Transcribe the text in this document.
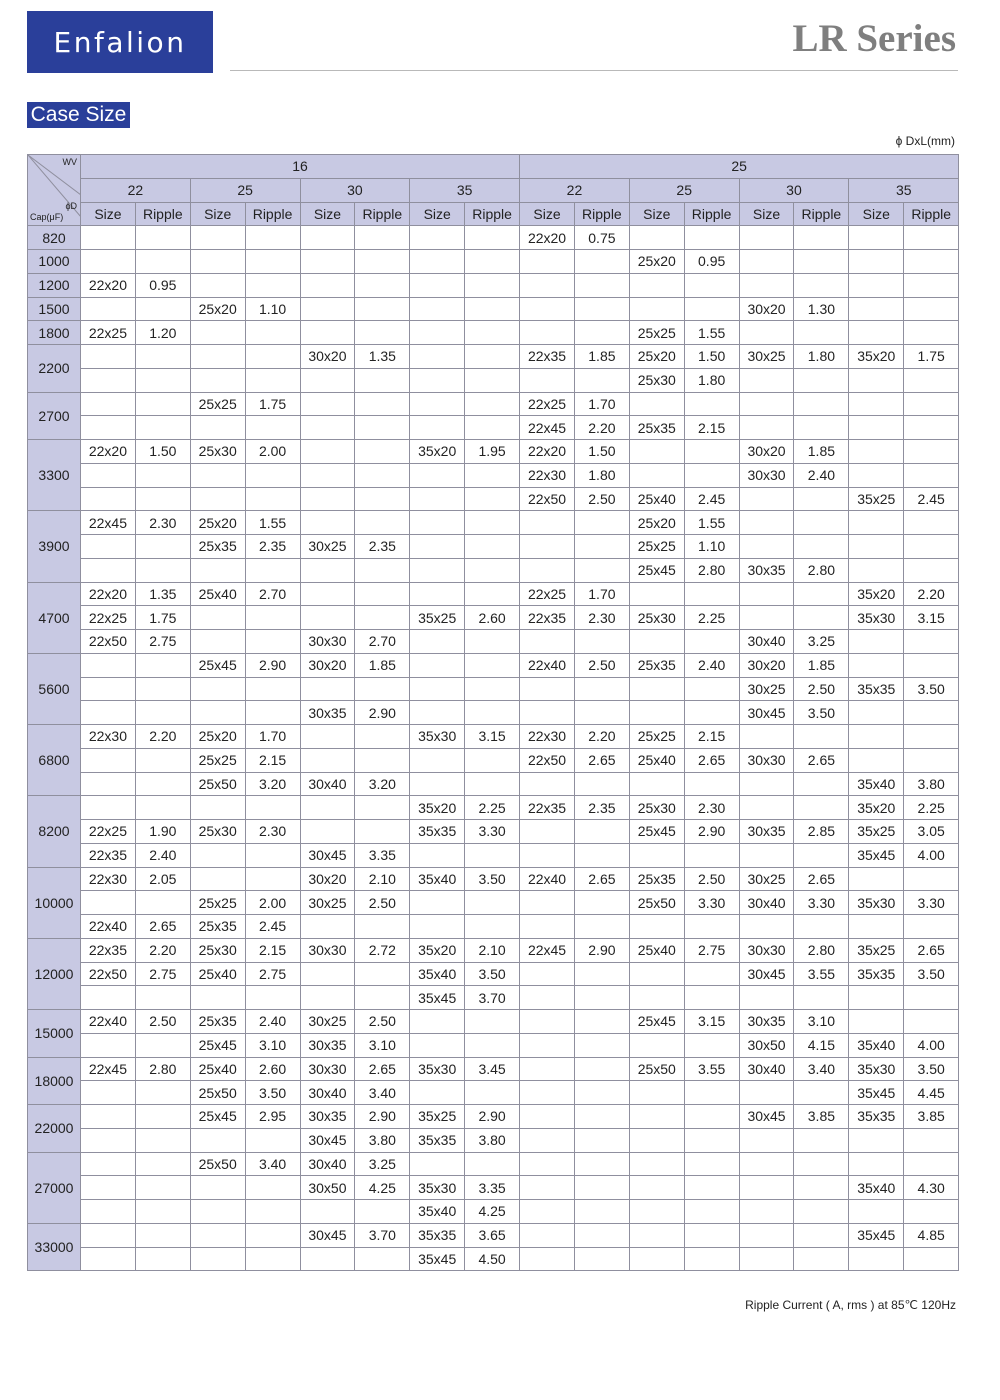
Enfalion	LR Series
Case Size
ϕ DxL(mm)
WV
ϕD
Cap(μF)	16								25							
	22		25		30		35		22		25		30		35	
	Size	Ripple	Size	Ripple	Size	Ripple	Size	Ripple	Size	Ripple	Size	Ripple	Size	Ripple	Size	Ripple
820									22x20	0.75						
1000											25x20	0.95				
1200	22x20	0.95														
1500			25x20	1.10									30x20	1.30		
1800	22x25	1.20									25x25	1.55				
2200					30x20	1.35			22x35	1.85	25x20	1.50	30x25	1.80	35x20	1.75
											25x30	1.80				
2700			25x25	1.75					22x25	1.70						
									22x45	2.20	25x35	2.15				
3300	22x20	1.50	25x30	2.00			35x20	1.95	22x20	1.50			30x20	1.85		
									22x30	1.80			30x30	2.40		
									22x50	2.50	25x40	2.45			35x25	2.45
3900	22x45	2.30	25x20	1.55							25x20	1.55				
			25x35	2.35	30x25	2.35					25x25	1.10				
											25x45	2.80	30x35	2.80		
4700	22x20	1.35	25x40	2.70					22x25	1.70					35x20	2.20
	22x25	1.75					35x25	2.60	22x35	2.30	25x30	2.25			35x30	3.15
	22x50	2.75			30x30	2.70							30x40	3.25		
5600			25x45	2.90	30x20	1.85			22x40	2.50	25x35	2.40	30x20	1.85		
													30x25	2.50	35x35	3.50
					30x35	2.90							30x45	3.50		
6800	22x30	2.20	25x20	1.70			35x30	3.15	22x30	2.20	25x25	2.15				
			25x25	2.15					22x50	2.65	25x40	2.65	30x30	2.65		
			25x50	3.20	30x40	3.20									35x40	3.80
8200							35x20	2.25	22x35	2.35	25x30	2.30			35x20	2.25
	22x25	1.90	25x30	2.30			35x35	3.30			25x45	2.90	30x35	2.85	35x25	3.05
	22x35	2.40			30x45	3.35									35x45	4.00
10000	22x30	2.05			30x20	2.10	35x40	3.50	22x40	2.65	25x35	2.50	30x25	2.65		
			25x25	2.00	30x25	2.50					25x50	3.30	30x40	3.30	35x30	3.30
	22x40	2.65	25x35	2.45												
12000	22x35	2.20	25x30	2.15	30x30	2.72	35x20	2.10	22x45	2.90	25x40	2.75	30x30	2.80	35x25	2.65
	22x50	2.75	25x40	2.75			35x40	3.50					30x45	3.55	35x35	3.50
							35x45	3.70								
15000	22x40	2.50	25x35	2.40	30x25	2.50					25x45	3.15	30x35	3.10		
			25x45	3.10	30x35	3.10							30x50	4.15	35x40	4.00
18000	22x45	2.80	25x40	2.60	30x30	2.65	35x30	3.45			25x50	3.55	30x40	3.40	35x30	3.50
			25x50	3.50	30x40	3.40									35x45	4.45
22000			25x45	2.95	30x35	2.90	35x25	2.90					30x45	3.85	35x35	3.85
					30x45	3.80	35x35	3.80								
27000			25x50	3.40	30x40	3.25										
					30x50	4.25	35x30	3.35							35x40	4.30
							35x40	4.25								
33000					30x45	3.70	35x35	3.65							35x45	4.85
							35x45	4.50								
Ripple Current ( A, rms ) at 85℃ 120Hz
